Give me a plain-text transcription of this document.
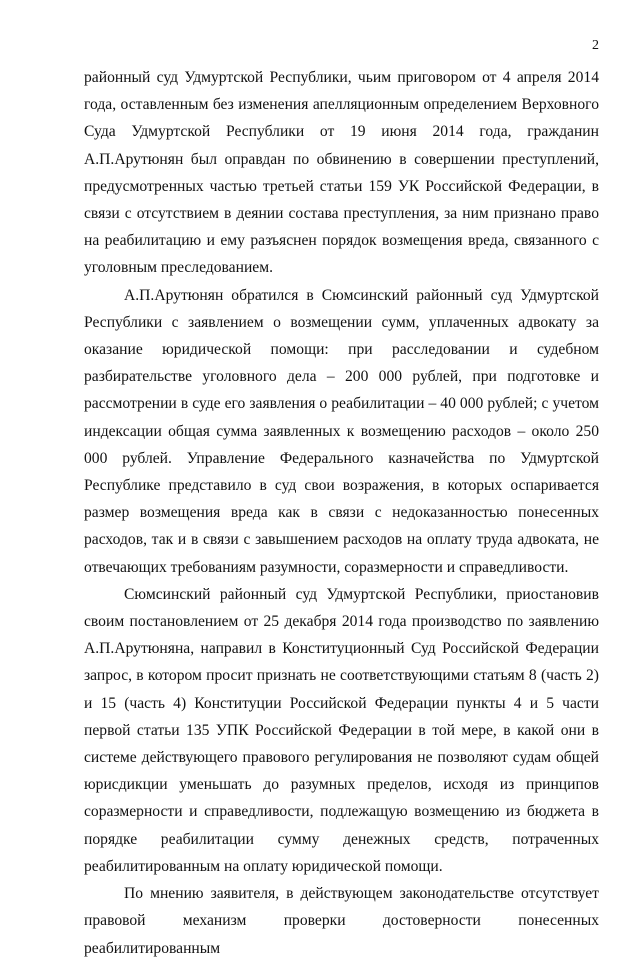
2

районный суд Удмуртской Республики, чьим приговором от 4 апреля 2014 года, оставленным без изменения апелляционным определением Верховного Суда Удмуртской Республики от 19 июня 2014 года, гражданин А.П.Арутюнян был оправдан по обвинению в совершении преступлений, предусмотренных частью третьей статьи 159 УК Российской Федерации, в связи с отсутствием в деянии состава преступления, за ним признано право на реабилитацию и ему разъяснен порядок возмещения вреда, связанного с уголовным преследованием.

А.П.Арутюнян обратился в Сюмсинский районный суд Удмуртской Республики с заявлением о возмещении сумм, уплаченных адвокату за оказание юридической помощи: при расследовании и судебном разбирательстве уголовного дела – 200 000 рублей, при подготовке и рассмотрении в суде его заявления о реабилитации – 40 000 рублей; с учетом индексации общая сумма заявленных к возмещению расходов – около 250 000 рублей. Управление Федерального казначейства по Удмуртской Республике представило в суд свои возражения, в которых оспаривается размер возмещения вреда как в связи с недоказанностью понесенных расходов, так и в связи с завышением расходов на оплату труда адвоката, не отвечающих требованиям разумности, соразмерности и справедливости.

Сюмсинский районный суд Удмуртской Республики, приостановив своим постановлением от 25 декабря 2014 года производство по заявлению А.П.Арутюняна, направил в Конституционный Суд Российской Федерации запрос, в котором просит признать не соответствующими статьям 8 (часть 2) и 15 (часть 4) Конституции Российской Федерации пункты 4 и 5 части первой статьи 135 УПК Российской Федерации в той мере, в какой они в системе действующего правового регулирования не позволяют судам общей юрисдикции уменьшать до разумных пределов, исходя из принципов соразмерности и справедливости, подлежащую возмещению из бюджета в порядке реабилитации сумму денежных средств, потраченных реабилитированным на оплату юридической помощи.

По мнению заявителя, в действующем законодательстве отсутствует правовой механизм проверки достоверности понесенных реабилитированным
